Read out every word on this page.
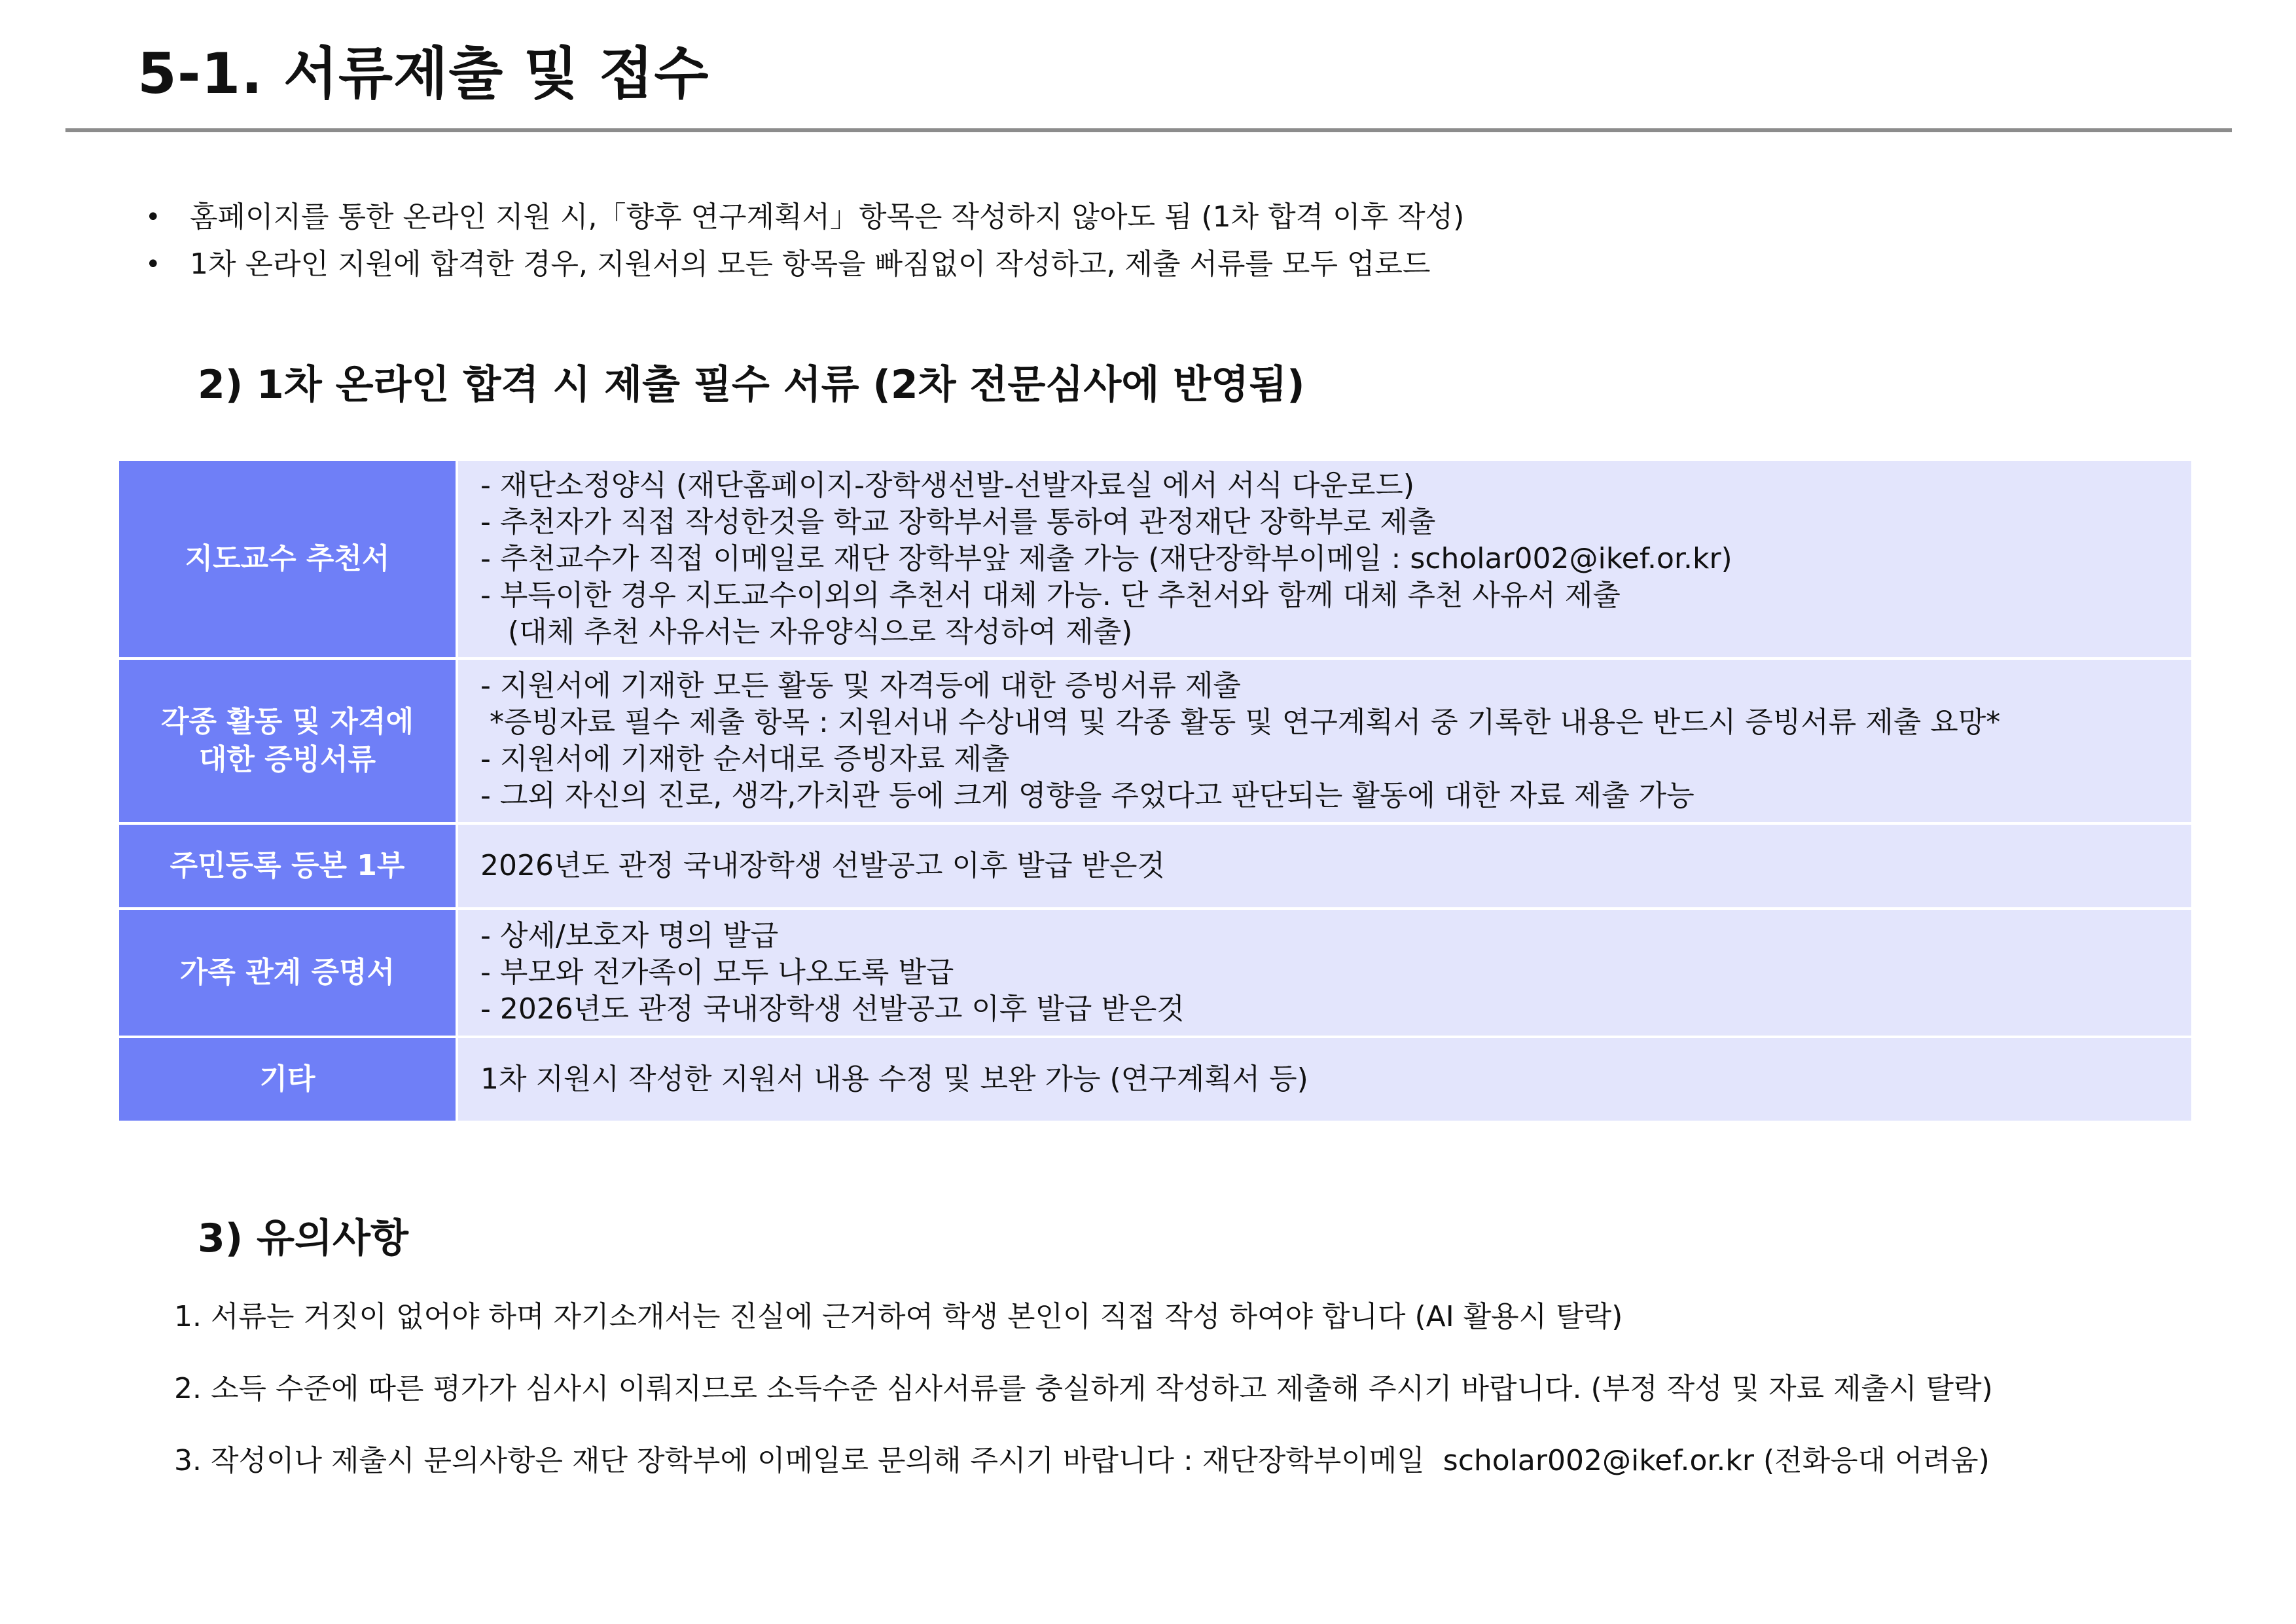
5-1. 서류제출 및 접수
• 홈페이지를 통한 온라인 지원 시,「향후 연구계획서」항목은 작성하지 않아도 됨 (1차 합격 이후 작성)
• 1차 온라인 지원에 합격한 경우, 지원서의 모든 항목을 빠짐없이 작성하고, 제출 서류를 모두 업로드
2) 1차 온라인 합격 시 제출 필수 서류 (2차 전문심사에 반영됨)
지도교수 추천서	- 재단소정양식 (재단홈페이지-장학생선발-선발자료실 에서 서식 다운로드)
- 추천자가 직접 작성한것을 학교 장학부서를 통하여 관정재단 장학부로 제출
- 추천교수가 직접 이메일로 재단 장학부앞 제출 가능 (재단장학부이메일 : scholar002@ikef.or.kr)
- 부득이한 경우 지도교수이외의 추천서 대체 가능. 단 추천서와 함께 대체 추천 사유서 제출
(대체 추천 사유서는 자유양식으로 작성하여 제출)

각종 활동 및 자격에
대한 증빙서류	- 지원서에 기재한 모든 활동 및 자격등에 대한 증빙서류 제출
*증빙자료 필수 제출 항목 : 지원서내 수상내역 및 각종 활동 및 연구계획서 중 기록한 내용은 반드시 증빙서류 제출 요망*
- 지원서에 기재한 순서대로 증빙자료 제출
- 그외 자신의 진로, 생각,가치관 등에 크게 영향을 주었다고 판단되는 활동에 대한 자료 제출 가능

주민등록 등본 1부	2026년도 관정 국내장학생 선발공고 이후 발급 받은것

가족 관계 증명서	- 상세/보호자 명의 발급
- 부모와 전가족이 모두 나오도록 발급
- 2026년도 관정 국내장학생 선발공고 이후 발급 받은것

기타	1차 지원시 작성한 지원서 내용 수정 및 보완 가능 (연구계획서 등)
3) 유의사항
1. 서류는 거짓이 없어야 하며 자기소개서는 진실에 근거하여 학생 본인이 직접 작성 하여야 합니다 (AI 활용시 탈락)
2. 소득 수준에 따른 평가가 심사시 이뤄지므로 소득수준 심사서류를 충실하게 작성하고 제출해 주시기 바랍니다. (부정 작성 및 자료 제출시 탈락)
3. 작성이나 제출시 문의사항은 재단 장학부에 이메일로 문의해 주시기 바랍니다 : 재단장학부이메일  scholar002@ikef.or.kr (전화응대 어려움)
